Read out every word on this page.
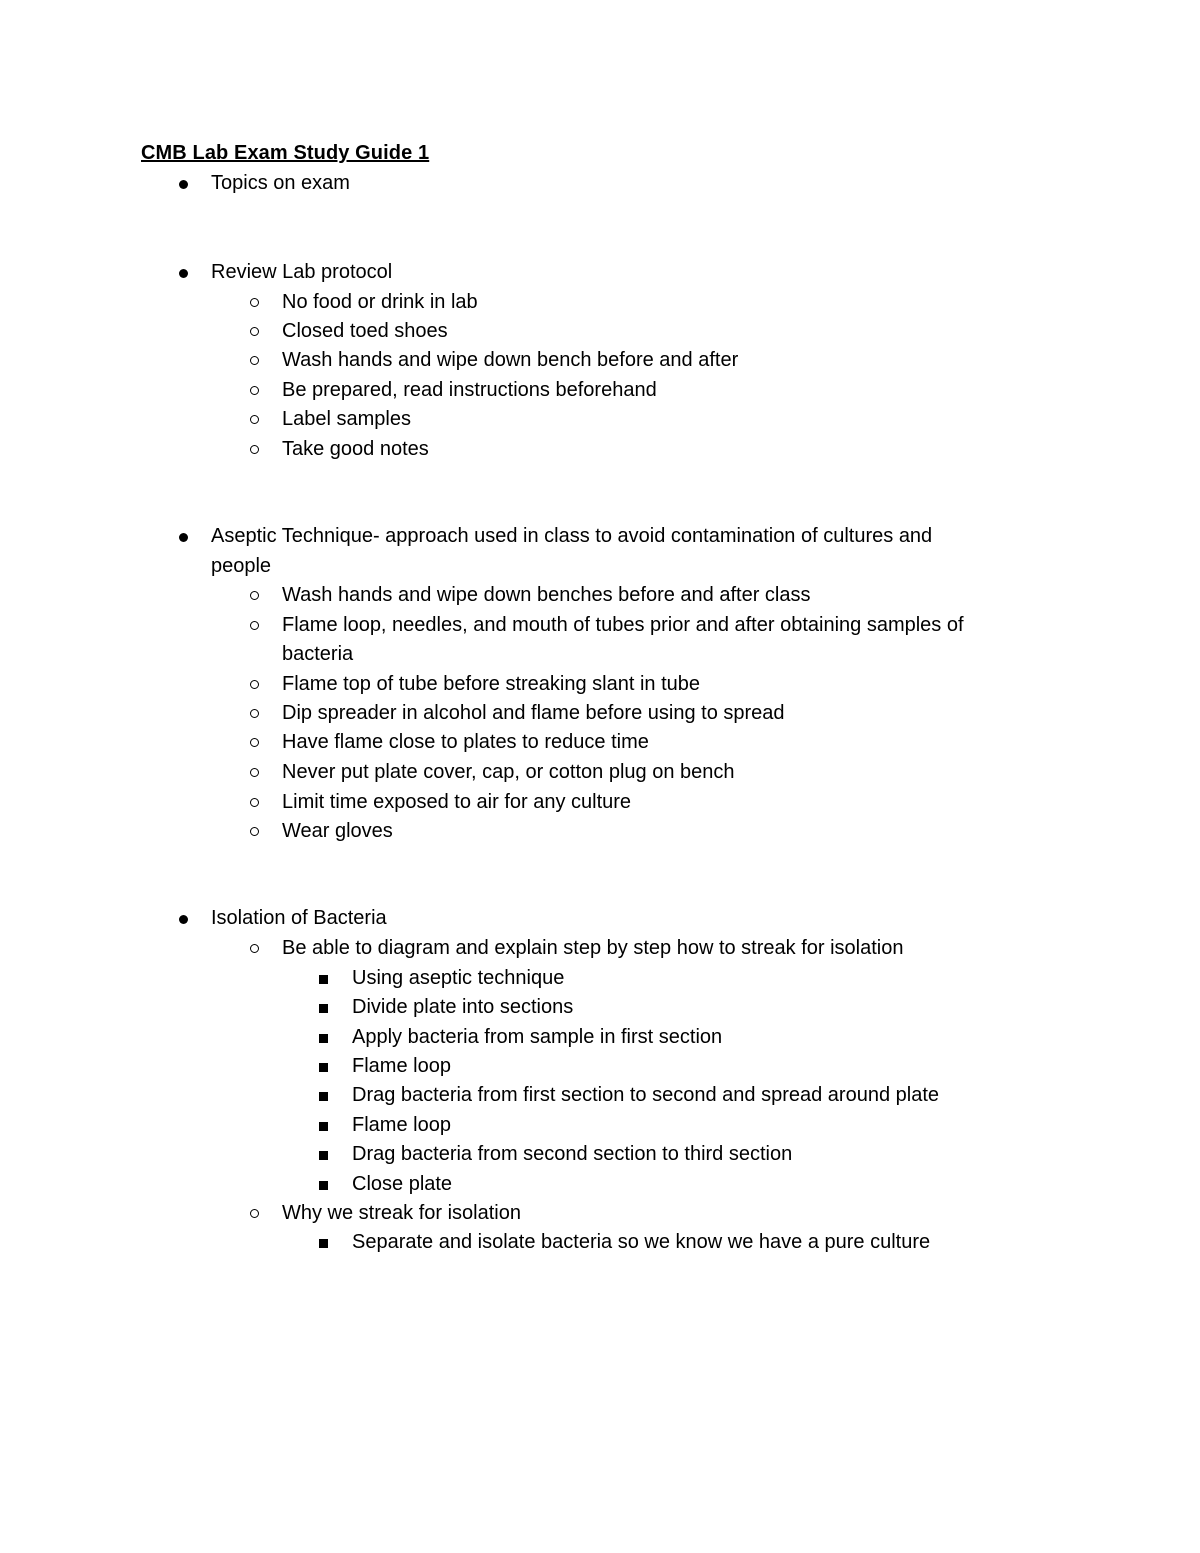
CMB Lab Exam Study Guide 1
Topics on exam
Review Lab protocol
No food or drink in lab
Closed toed shoes
Wash hands and wipe down bench before and after
Be prepared, read instructions beforehand
Label samples
Take good notes
Aseptic Technique- approach used in class to avoid contamination of cultures and
people
Wash hands and wipe down benches before and after class
Flame loop, needles, and mouth of tubes prior and after obtaining samples of
bacteria
Flame top of tube before streaking slant in tube
Dip spreader in alcohol and flame before using to spread
Have flame close to plates to reduce time
Never put plate cover, cap, or cotton plug on bench
Limit time exposed to air for any culture
Wear gloves
Isolation of Bacteria
Be able to diagram and explain step by step how to streak for isolation
Using aseptic technique
Divide plate into sections
Apply bacteria from sample in first section
Flame loop
Drag bacteria from first section to second and spread around plate
Flame loop
Drag bacteria from second section to third section
Close plate
Why we streak for isolation
Separate and isolate bacteria so we know we have a pure culture
